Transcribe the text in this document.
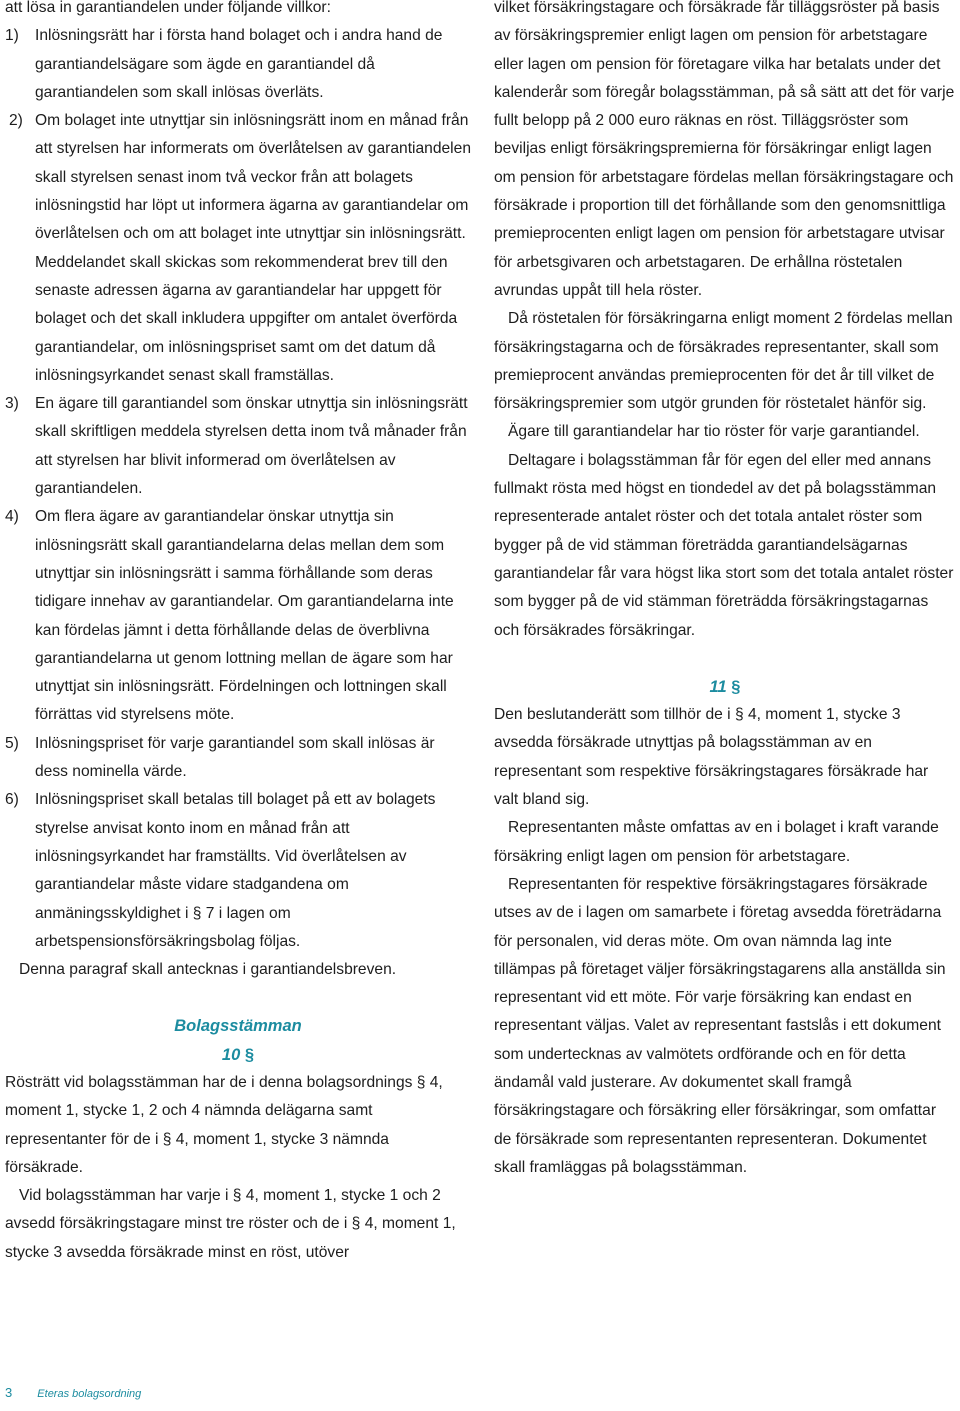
att lösa in garantiandelen under följande villkor:

1) Inlösningsrätt har i första hand bolaget och i andra hand de garantiandelsägare som ägde en garantiandel då garantiandelen som skall inlösas överläts.
2) Om bolaget inte utnyttjar sin inlösningsrätt inom en månad från att styrelsen har informerats om överlåtelsen av garantiandelen skall styrelsen senast inom två veckor från att bolagets inlösningstid har löpt ut informera ägarna av garantiandelar om överlåtelsen och om att bolaget inte utnyttjar sin inlösningsrätt. Meddelandet skall skickas som rekommenderat brev till den senaste adressen ägarna av garantiandelar har uppgett för bolaget och det skall inkludera uppgifter om antalet överförda garantiandelar, om inlösningspriset samt om det datum då inlösningsyrkandet senast skall framställas.
3) En ägare till garantiandel som önskar utnyttja sin inlösningsrätt skall skriftligen meddela styrelsen detta inom två månader från att styrelsen har blivit informerad om överlåtelsen av garantiandelen.
4) Om flera ägare av garantiandelar önskar utnyttja sin inlösningsrätt skall garantiandelarna delas mellan dem som utnyttjar sin inlösningsrätt i samma förhållande som deras tidigare innehav av garantiandelar. Om garantiandelarna inte kan fördelas jämnt i detta förhållande delas de överblivna garantiandelarna ut genom lottning mellan de ägare som har utnyttjat sin inlösningsrätt. Fördelningen och lottningen skall förrättas vid styrelsens möte.
5) Inlösningspriset för varje garantiandel som skall inlösas är dess nominella värde.
6) Inlösningspriset skall betalas till bolaget på ett av bolagets styrelse anvisat konto inom en månad från att inlösningsyrkandet har framställts. Vid överlåtelsen av garantiandelar måste vidare stadgandena om anmäningsskyldighet i § 7 i lagen om arbetspensionsförsäkringsbolag följas.

Denna paragraf skall antecknas i garantiandelsbreven.

Bolagsstämman

10 §

Rösträtt vid bolagsstämman har de i denna bolagsordnings § 4, moment 1, stycke 1, 2 och 4 nämnda delägarna samt representanter för de i § 4, moment 1, stycke 3 nämnda försäkrade.

Vid bolagsstämman har varje i § 4, moment 1, stycke 1 och 2 avsedd försäkringstagare minst tre röster och de i § 4, moment 1, stycke 3 avsedda försäkrade minst en röst, utöver

vilket försäkringstagare och försäkrade får tilläggsröster på basis av försäkringspremier enligt lagen om pension för arbetstagare eller lagen om pension för företagare vilka har betalats under det kalenderår som föregår bolagsstämman, på så sätt att det för varje fullt belopp på 2 000 euro räknas en röst. Tilläggsröster som beviljas enligt försäkringspremierna för försäkringar enligt lagen om pension för arbetstagare fördelas mellan försäkringstagare och försäkrade i proportion till det förhållande som den genomsnittliga premieprocenten enligt lagen om pension för arbetstagare utvisar för arbetsgivaren och arbetstagaren. De erhållna röstetalen avrundas uppåt till hela röster.

Då röstetalen för försäkringarna enligt moment 2 fördelas mellan försäkringstagarna och de försäkrades representanter, skall som premieprocent användas premieprocenten för det år till vilket de försäkringspremier som utgör grunden för röstetalet hänför sig.

Ägare till garantiandelar har tio röster för varje garantiandel.

Deltagare i bolagsstämman får för egen del eller med annans fullmakt rösta med högst en tiondedel av det på bolagsstämman representerade antalet röster och det totala antalet röster som bygger på de vid stämman företrädda garantiandelsägarnas garantiandelar får vara högst lika stort som det totala antalet röster som bygger på de vid stämman företrädda försäkringstagarnas och försäkrades försäkringar.

11 §

Den beslutanderätt som tillhör de i § 4, moment 1, stycke 3 avsedda försäkrade utnyttjas på bolagsstämman av en representant som respektive försäkringstagares försäkrade har valt bland sig.

Representanten måste omfattas av en i bolaget i kraft varande försäkring enligt lagen om pension för arbetstagare.

Representanten för respektive försäkringstagares försäkrade utses av de i lagen om samarbete i företag avsedda företrädarna för personalen, vid deras möte. Om ovan nämnda lag inte tillämpas på företaget väljer försäkringstagarens alla anställda sin representant vid ett möte. För varje försäkring kan endast en representant väljas. Valet av representant fastslås i ett dokument som undertecknas av valmötets ordförande och en för detta ändamål vald justerare. Av dokumentet skall framgå försäkringstagare och försäkring eller försäkringar, som omfattar de försäkrade som representanten representeran. Dokumentet skall framläggas på bolagsstämman.

3 Eteras bolagsordning
